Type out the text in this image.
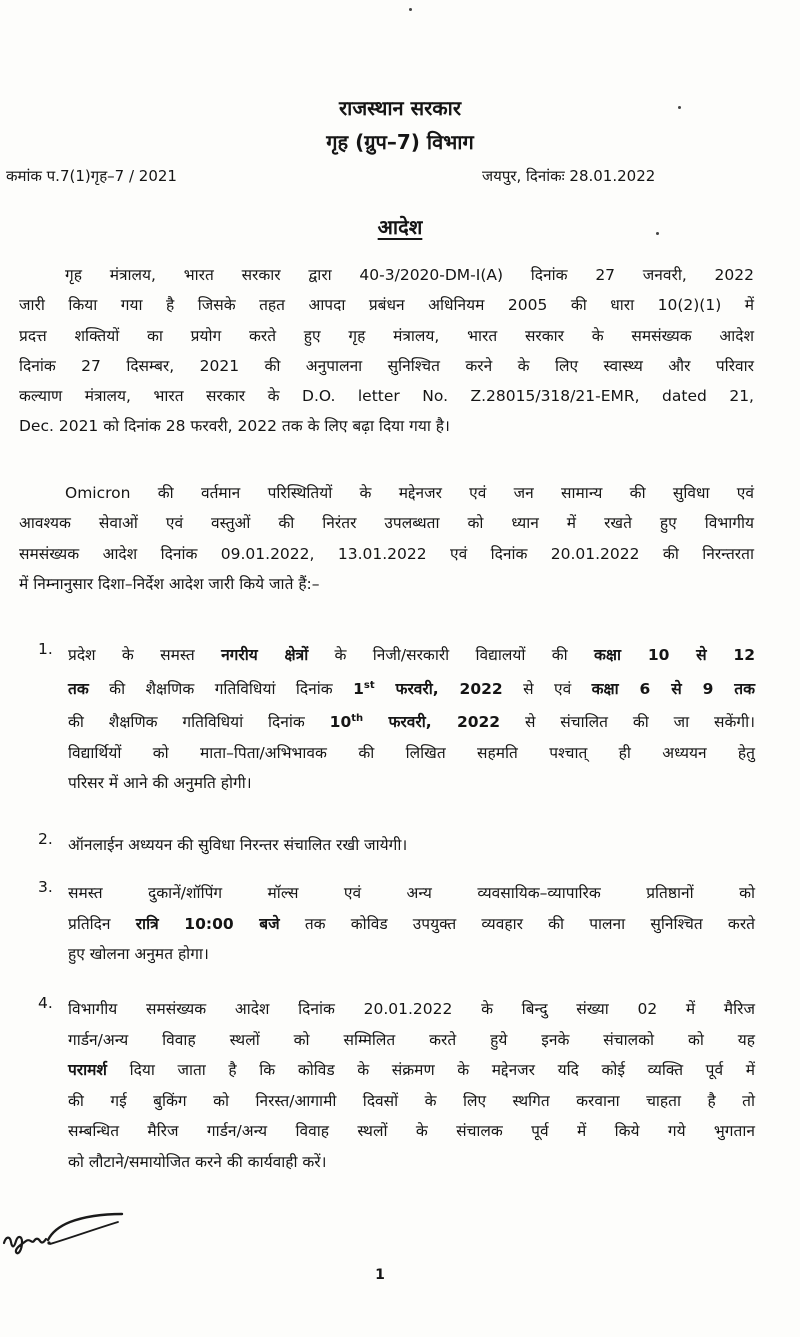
राजस्थान सरकार
गृह (ग्रुप–7) विभाग
कमांक प.7(1)गृह–7 / 2021	जयपुर, दिनांकः 28.01.2022
आदेश
गृह मंत्रालय, भारत सरकार द्वारा 40-3/2020-DM-I(A) दिनांक 27 जनवरी, 2022
जारी किया गया है जिसके तहत आपदा प्रबंधन अधिनियम 2005 की धारा 10(2)(1) में
प्रदत्त शक्तियों का प्रयोग करते हुए गृह मंत्रालय, भारत सरकार के समसंख्यक आदेश
दिनांक 27 दिसम्बर, 2021 की अनुपालना सुनिश्चित करने के लिए स्वास्थ्य और परिवार
कल्याण मंत्रालय, भारत सरकार के D.O. letter No. Z.28015/318/21-EMR, dated 21,
Dec. 2021 को दिनांक 28 फरवरी, 2022 तक के लिए बढ़ा दिया गया है।
Omicron की वर्तमान परिस्थितियों के मद्देनजर एवं जन सामान्य की सुविधा एवं
आवश्यक सेवाओं एवं वस्तुओं की निरंतर उपलब्धता को ध्यान में रखते हुए विभागीय
समसंख्यक आदेश दिनांक 09.01.2022, 13.01.2022 एवं दिनांक 20.01.2022 की निरन्तरता
में निम्नानुसार दिशा–निर्देश आदेश जारी किये जाते हैं:–
1. प्रदेश के समस्त नगरीय क्षेत्रों के निजी/सरकारी विद्यालयों की कक्षा 10 से 12
तक की शैक्षणिक गतिविधियां दिनांक 1st फरवरी, 2022 से एवं कक्षा 6 से 9 तक
की शैक्षणिक गतिविधियां दिनांक 10th फरवरी, 2022 से संचालित की जा सकेंगी।
विद्यार्थियों को माता–पिता/अभिभावक की लिखित सहमति पश्चात् ही अध्ययन हेतु
परिसर में आने की अनुमति होगी।
2. ऑनलाईन अध्ययन की सुविधा निरन्तर संचालित रखी जायेगी।
3. समस्त दुकानें/शॉपिंग मॉल्स एवं अन्य व्यवसायिक–व्यापारिक प्रतिष्ठानों को
प्रतिदिन रात्रि 10:00 बजे तक कोविड उपयुक्त व्यवहार की पालना सुनिश्चित करते
हुए खोलना अनुमत होगा।
4. विभागीय समसंख्यक आदेश दिनांक 20.01.2022 के बिन्दु संख्या 02 में मैरिज
गार्डन/अन्य विवाह स्थलों को सम्मिलित करते हुये इनके संचालको को यह
परामर्श दिया जाता है कि कोविड के संक्रमण के मद्देनजर यदि कोई व्यक्ति पूर्व में
की गई बुकिंग को निरस्त/आगामी दिवसों के लिए स्थगित करवाना चाहता है तो
सम्बन्धित मैरिज गार्डन/अन्य विवाह स्थलों के संचालक पूर्व में किये गये भुगतान
को लौटाने/समायोजित करने की कार्यवाही करें।
1
